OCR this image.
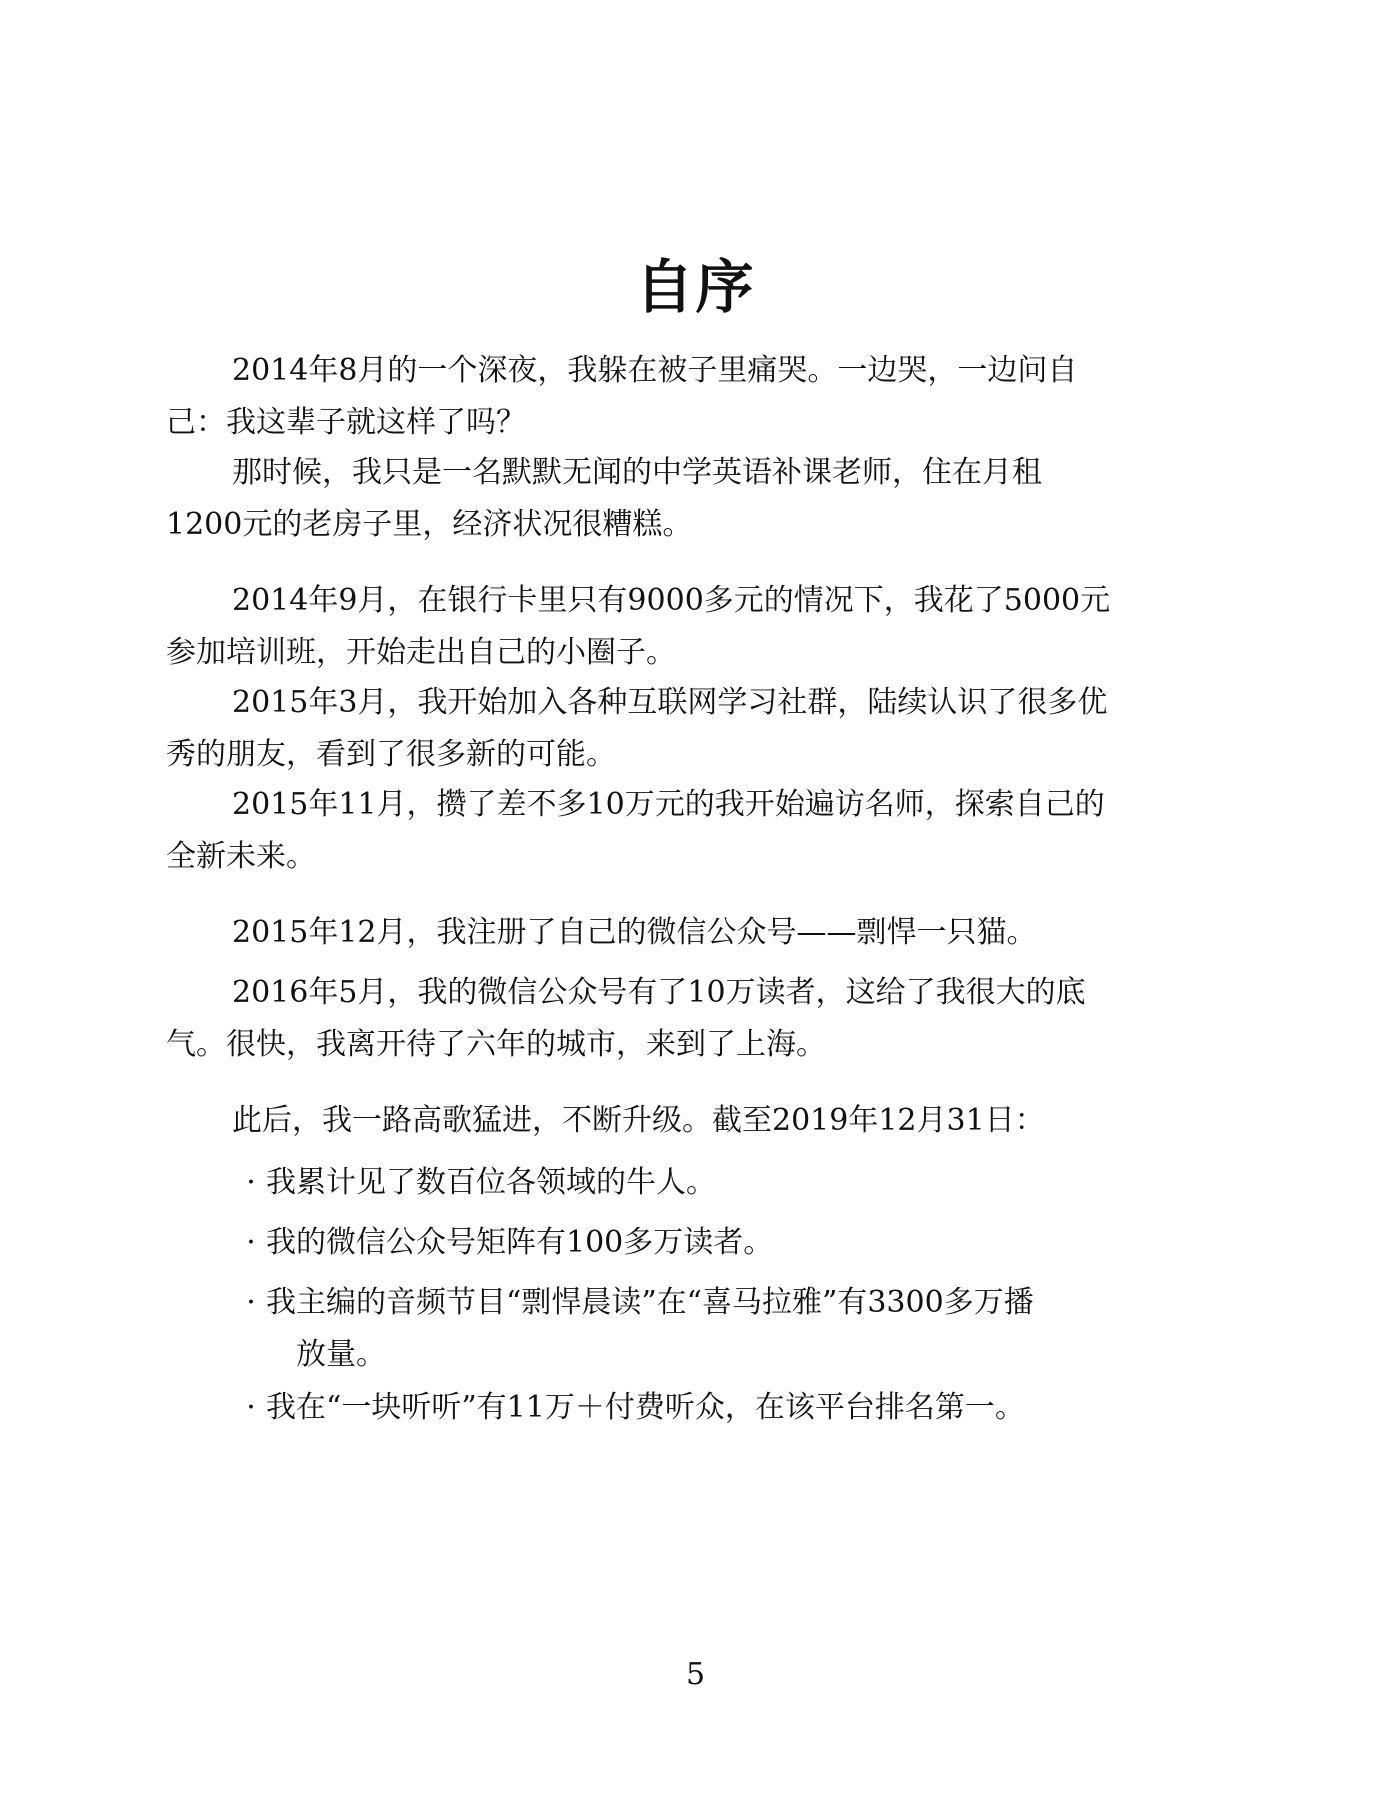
自序
2014年8月的一个深夜，我躲在被子里痛哭。一边哭，一边问自
己：我这辈子就这样了吗？
那时候，我只是一名默默无闻的中学英语补课老师，住在月租
1200元的老房子里，经济状况很糟糕。
2014年9月，在银行卡里只有9000多元的情况下，我花了5000元
参加培训班，开始走出自己的小圈子。
2015年3月，我开始加入各种互联网学习社群，陆续认识了很多优
秀的朋友，看到了很多新的可能。
2015年11月，攒了差不多10万元的我开始遍访名师，探索自己的
全新未来。
2015年12月，我注册了自己的微信公众号——剽悍一只猫。
2016年5月，我的微信公众号有了10万读者，这给了我很大的底
气。很快，我离开待了六年的城市，来到了上海。
此后，我一路高歌猛进，不断升级。截至2019年12月31日：
· 我累计见了数百位各领域的牛人。
· 我的微信公众号矩阵有100多万读者。
· 我主编的音频节目“剽悍晨读”在“喜马拉雅”有3300多万播
放量。
· 我在“一块听听”有11万＋付费听众，在该平台排名第一。
5
